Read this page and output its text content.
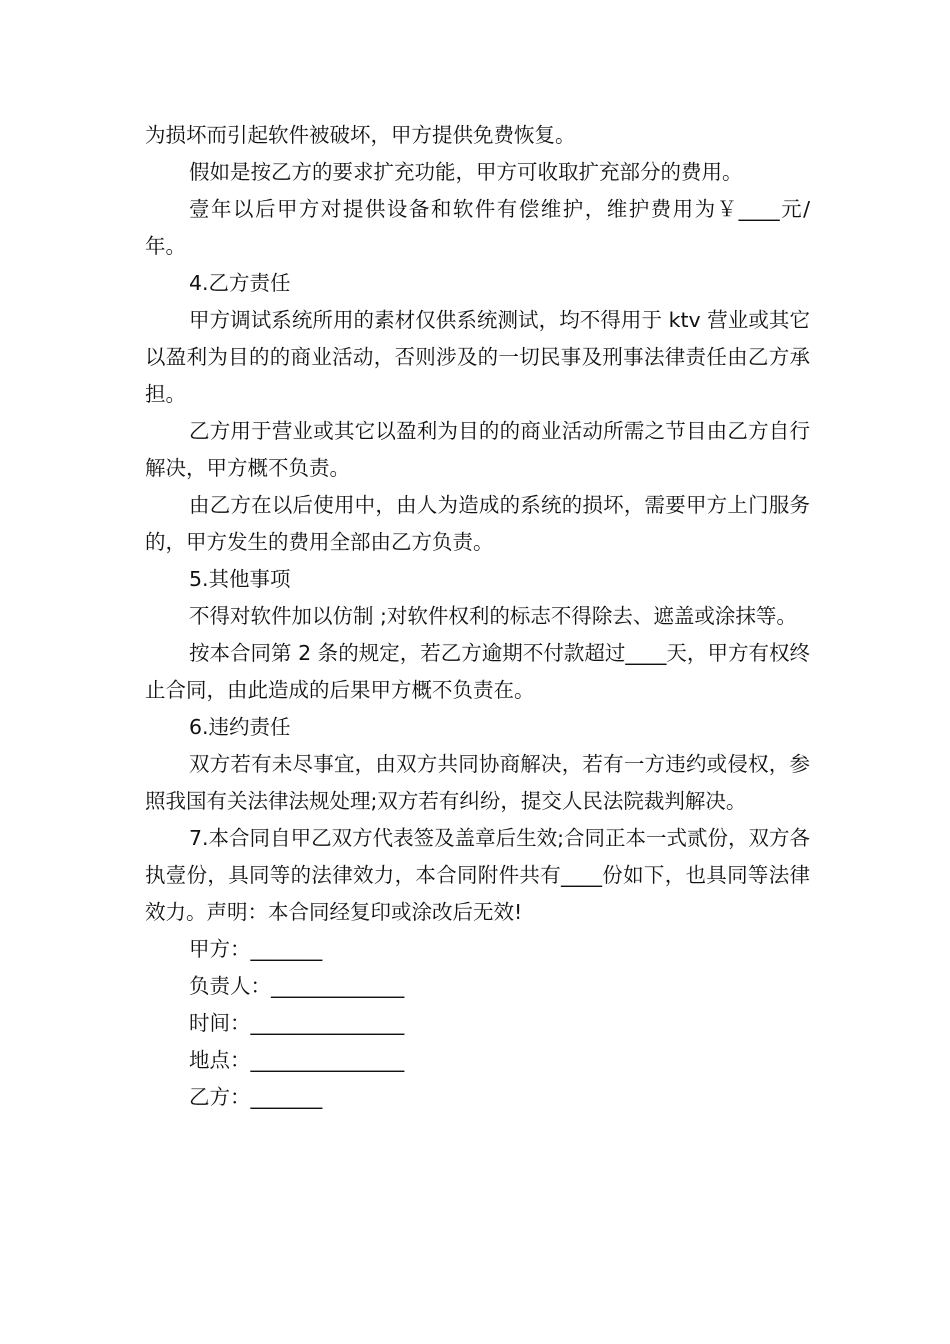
为损坏而引起软件被破坏，甲方提供免费恢复。

假如是按乙方的要求扩充功能，甲方可收取扩充部分的费用。

壹年以后甲方对提供设备和软件有偿维护，维护费用为￥____元/年。

4.乙方责任

甲方调试系统所用的素材仅供系统测试，均不得用于 ktv 营业或其它以盈利为目的的商业活动，否则涉及的一切民事及刑事法律责任由乙方承担。

乙方用于营业或其它以盈利为目的的商业活动所需之节目由乙方自行解决，甲方概不负责。

由乙方在以后使用中，由人为造成的系统的损坏，需要甲方上门服务的，甲方发生的费用全部由乙方负责。

5.其他事项

不得对软件加以仿制 ;对软件权利的标志不得除去、遮盖或涂抹等。

按本合同第 2 条的规定，若乙方逾期不付款超过____天，甲方有权终止合同，由此造成的后果甲方概不负责在。

6.违约责任

双方若有未尽事宜，由双方共同协商解决，若有一方违约或侵权，参照我国有关法律法规处理;双方若有纠纷，提交人民法院裁判解决。

7.本合同自甲乙双方代表签及盖章后生效;合同正本一式贰份，双方各执壹份，具同等的法律效力，本合同附件共有____份如下，也具同等法律效力。声明：本合同经复印或涂改后无效!

甲方：_______

负责人：_____________

时间：_______________

地点：_______________

乙方：_______
